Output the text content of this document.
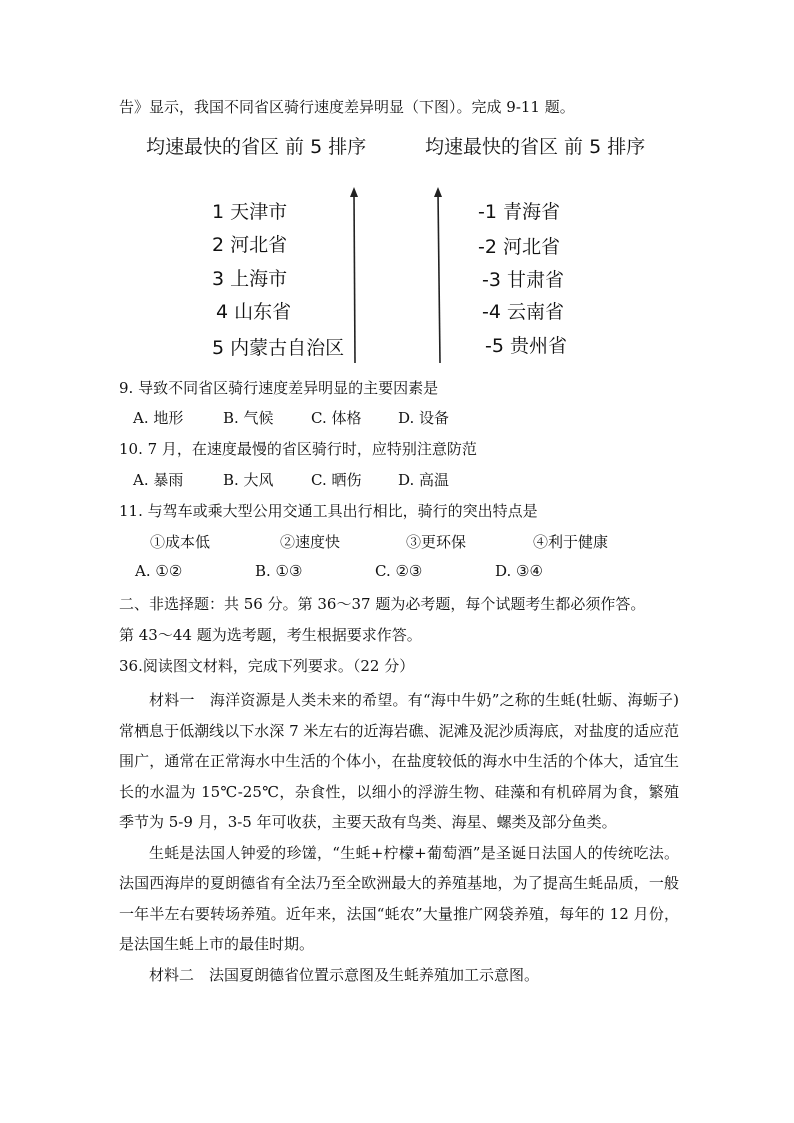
告》显示，我国不同省区骑行速度差异明显（下图）。完成 9-11 题。
均速最快的省区 前 5 排序	均速最快的省区 前 5 排序
1 天津市
2 河北省
3 上海市
4 山东省
5 内蒙古自治区
-1 青海省
-2 河北省
-3 甘肃省
-4 云南省
-5 贵州省
9. 导致不同省区骑行速度差异明显的主要因素是
A. 地形	B. 气候 C. 体格 D. 设备
10. 7 月，在速度最慢的省区骑行时，应特别注意防范
A. 暴雨	B. 大风 C. 晒伤 D. 高温
11. 与驾车或乘大型公用交通工具出行相比，骑行的突出特点是
①成本低	②速度快	③更环保	④利于健康
A. ①②	B. ①③	C. ②③	D. ③④
二、非选择题：共 56 分。第 36～37 题为必考题，每个试题考生都必须作答。
第 43～44 题为选考题，考生根据要求作答。
36.阅读图文材料，完成下列要求。（22 分）

材料一　海洋资源是人类未来的希望。有“海中牛奶”之称的生蚝(牡蛎、海蛎子)常栖息于低潮线以下水深 7 米左右的近海岩礁、泥滩及泥沙质海底，对盐度的适应范围广，通常在正常海水中生活的个体小，在盐度较低的海水中生活的个体大，适宜生长的水温为 15℃-25℃，杂食性，以细小的浮游生物、硅藻和有机碎屑为食，繁殖季节为 5-9 月，3-5 年可收获，主要天敌有鸟类、海星、螺类及部分鱼类。

生蚝是法国人钟爱的珍馐，“生蚝+柠檬+葡萄酒”是圣诞日法国人的传统吃法。法国西海岸的夏朗德省有全法乃至全欧洲最大的养殖基地，为了提高生蚝品质，一般一年半左右要转场养殖。近年来，法国“蚝农”大量推广网袋养殖，每年的 12 月份，是法国生蚝上市的最佳时期。

材料二　法国夏朗德省位置示意图及生蚝养殖加工示意图。
